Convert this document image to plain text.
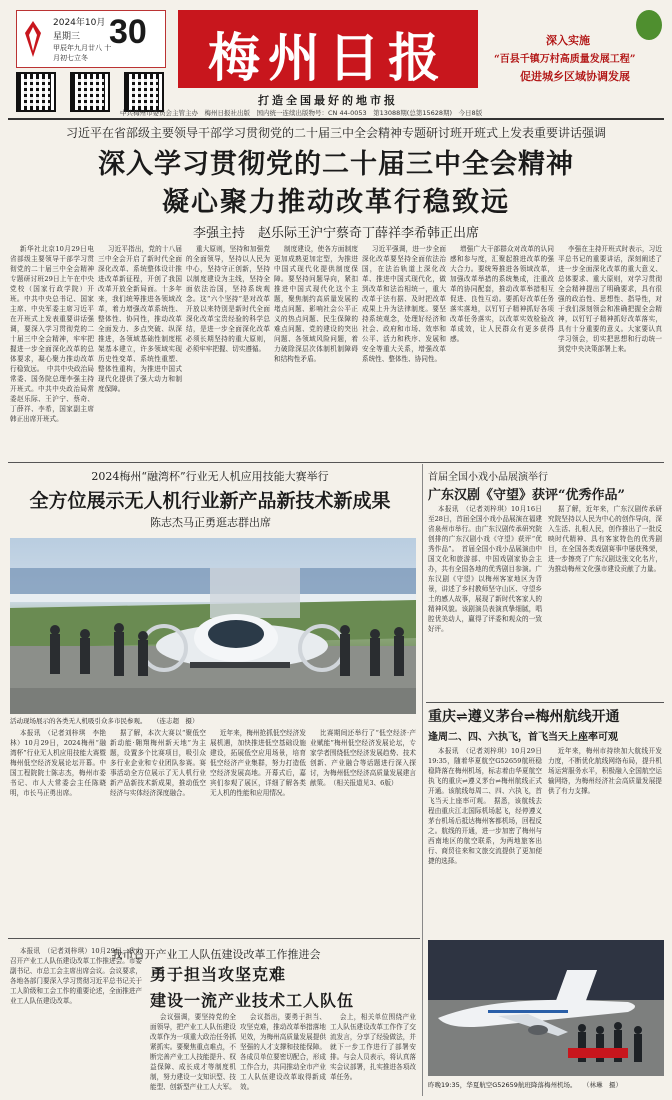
2024年10月
星期三 30
甲辰年九月廿八 十月初七立冬	梅州日报
打造全国最好的地市报
深入实施
“百县千镇万村高质量发展工程”
促进城乡区域协调发展
中共梅州市委员会主管主办　梅州日报社出版　国内统一连续出版物号：CN 44-0053　第13088期(总第15628期)　今日8版
习近平在省部级主要领导干部学习贯彻党的二十届三中全会精神专题研讨班开班式上发表重要讲话强调
深入学习贯彻党的二十届三中全会精神
凝心聚力推动改革行稳致远
李强主持　赵乐际王沪宁蔡奇丁薛祥李希韩正出席
新华社北京10月29日电　省部级主要领导干部学习贯彻党的二十届三中全会精神专题研讨班29日上午在中央党校（国家行政学院）开班。中共中央总书记、国家主席、中央军委主席习近平在开班式上发表重要讲话强调，要深入学习贯彻党的二十届三中全会精神，牢牢把握进一步全面深化改革的总体要求，凝心聚力推动改革行稳致远。　中共中央政治局常委、国务院总理李强主持开班式。中共中央政治局常委赵乐际、王沪宁、蔡奇、丁薛祥、李希，国家副主席韩正出席开班式。
习近平指出，党的十八届三中全会开启了新时代全面深化改革、系统整体设计推进改革新征程，开创了我国改革开放全新局面。十多年来，我们统筹推进各领域改革，着力增强改革系统性、整体性、协同性，推动改革全面发力、多点突破、纵深推进，各领域基础性制度框架基本建立，许多领域实现历史性变革、系统性重塑、整体性重构，为推进中国式现代化提供了强大动力和制度保障。
重大原则，坚持和加强党的全面领导，坚持以人民为中心，坚持守正创新，坚持以制度建设为主线，坚持全面依法治国，坚持系统观念。这“六个坚持”是对改革开放以来特别是新时代全面深化改革宝贵经验的科学总结，是进一步全面深化改革必须长期坚持的重大原则，必须牢牢把握、切实遵循。
制度建设，使各方面制度更加成熟更加定型，为推进中国式现代化提供制度保障。要坚持问题导向，紧扣推进中国式现代化这个主题，聚焦制约高质量发展的堵点问题、影响社会公平正义的热点问题、民生保障的难点问题、党的建设的突出问题、各领域风险问题，着力破除深层次体制机制障碍和结构性矛盾。
习近平强调，进一步全面深化改革要坚持全面依法治国，在法治轨道上深化改革、推进中国式现代化，做到改革和法治相统一，重大改革于法有据、及时把改革成果上升为法律制度。要坚持系统观念，处理好经济和社会、政府和市场、效率和公平、活力和秩序、发展和安全等重大关系，增强改革系统性、整体性、协同性。
增强广大干部群众对改革的认同感和参与度，汇聚起推进改革的强大合力。要统筹推进各领域改革，加强改革举措的系统集成，注重改革的协同配套，推动改革举措相互促进、良性互动。要抓好改革任务落实落地，以钉钉子精神抓好各项改革任务落实，以改革实效检验改革成效，让人民群众有更多获得感。
李强在主持开班式时表示，习近平总书记的重要讲话，深刻阐述了进一步全面深化改革的重大意义、总体要求、重大原则，对学习贯彻全会精神提出了明确要求，具有很强的政治性、思想性、指导性，对于我们深刻领会和准确把握全会精神，以钉钉子精神抓好改革落实，具有十分重要的意义。大家要认真学习领会，切实把思想和行动统一到党中央决策部署上来。
2024梅州“融湾杯”行业无人机应用技能大赛举行
全方位展示无人机行业新产品新技术新成果
陈志杰马正勇逛志群出席
活动现场展示的各类无人机吸引众多市民参观。　　（连志超　摄）
本报讯　（记者刘梓琪　李艳　林）10月29日，2024梅州“融湾杯”行业无人机应用技能大赛暨梅州低空经济发展论坛开幕。中国工程院院士陈志杰，梅州市委书记、市人大常委会主任陈晓明，市长马正勇出席。
据了解，本次大赛以“聚低空新动能·翱翔梅州新天地”为主题，设置多个比赛项目，吸引众多行业企业和专业团队参赛。赛事活动全方位展示了无人机行业新产品新技术新成果，推动低空经济与实体经济深度融合。
近年来，梅州抢抓低空经济发展机遇，加快推进低空基础设施建设，拓展低空应用场景，培育低空经济产业集群，努力打造低空经济发展高地。开幕式后，嘉宾们参观了展区，详细了解各类无人机的性能和应用情况。
比赛期间还举行了“低空经济·产业赋能”梅州低空经济发展论坛，专家学者围绕低空经济发展趋势、技术创新、产业融合等话题进行深入探讨，为梅州低空经济高质量发展建言献策。　（相关报道见3、6版）
首届全国小戏小品展演举行
广东汉剧《守望》获评“优秀作品”
本报讯　（记者刘梓琪）10月16日至28日，首届全国小戏小品展演在福建省泉州市举行。由广东汉剧传承研究院创排的广东汉剧小戏《守望》获评“优秀作品”。　首届全国小戏小品展演由中国文化和旅游部、中国戏剧家协会主办，共有全国各地的优秀剧目参演。广东汉剧《守望》以梅州客家地区为背景，讲述了乡村教师坚守山区、守望乡土的感人故事，展现了新时代客家人的精神风貌。该剧演员表演真挚细腻，唱腔优美动人，赢得了评委和观众的一致好评。
据了解，近年来，广东汉剧传承研究院坚持以人民为中心的创作导向，深入生活、扎根人民，创作推出了一批反映时代精神、具有客家特色的优秀剧目，在全国各类戏剧赛事中屡获殊荣，进一步擦亮了广东汉剧这张文化名片，为推动梅州文化强市建设贡献了力量。
重庆⇌遵义茅台⇌梅州航线开通
逢周二、四、六执飞，首飞当天上座率可观
本报讯　（记者刘梓琪）10月29日19:35，随着华夏航空G52659航班稳稳降落在梅州机场，标志着由华夏航空执飞的重庆⇌遵义茅台⇌梅州航线正式开通。该航线每周二、四、六执飞，首飞当天上座率可观。　据悉，该航线去程由重庆江北国际机场起飞，经停遵义茅台机场后抵达梅州客都机场，回程反之。航线的开通，进一步加密了梅州与西南地区的航空联系，为两地旅客出行、商贸往来和文旅交流提供了更加便捷的选择。
近年来，梅州市持续加大航线开发力度，不断优化航线网络布局，提升机场运营服务水平，积极融入全国航空运输网络，为梅州经济社会高质量发展提供了有力支撑。
昨晚19:35，华夏航空G52659航班降落梅州机场。　　（林琳　摄）
我市召开产业工人队伍建设改革工作推进会
勇于担当攻坚克难
建设一流产业技术工人队伍
本报讯　（记者刘梓琪）10月29日，我市召开产业工人队伍建设改革工作推进会。市委副书记、市总工会主席出席会议。会议要求，各地各部门要深入学习贯彻习近平总书记关于工人阶级和工会工作的重要论述，全面推进产业工人队伍建设改革。
会议强调，要坚持党的全面领导，把产业工人队伍建设改革作为一项重大政治任务抓紧抓实。要聚焦重点难点，不断完善产业工人技能提升、权益保障、成长成才等制度机制，努力建设一支知识型、技能型、创新型产业工人大军。
会议指出，要勇于担当、攻坚克难，推动改革举措落地见效，为梅州高质量发展提供坚强的人才支撑和技能保障。各成员单位要密切配合，形成工作合力，共同推动全市产业工人队伍建设改革取得新成效。
会上，相关单位围绕产业工人队伍建设改革工作作了交流发言，分享了经验做法，并就下一步工作进行了部署安排。与会人员表示，将认真落实会议部署，扎实推进各项改革任务。
